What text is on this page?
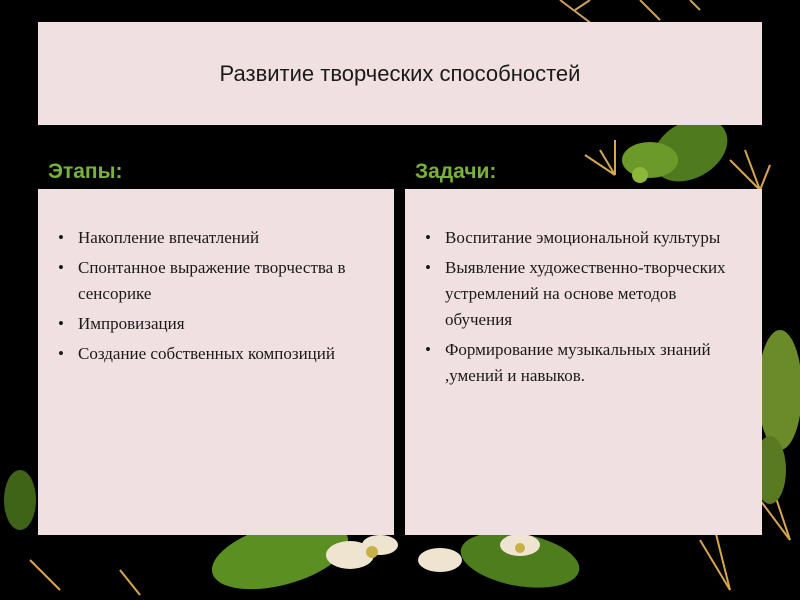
Развитие творческих способностей
Этапы:	Задачи:
• Накопление впечатлений
• Спонтанное выражение творчества в сенсорике
• Импровизация
• Создание собственных композиций
• Воспитание эмоциональной культуры
• Выявление художественно-творческих устремлений на основе методов обучения
• Формирование музыкальных знаний ,умений и навыков.
